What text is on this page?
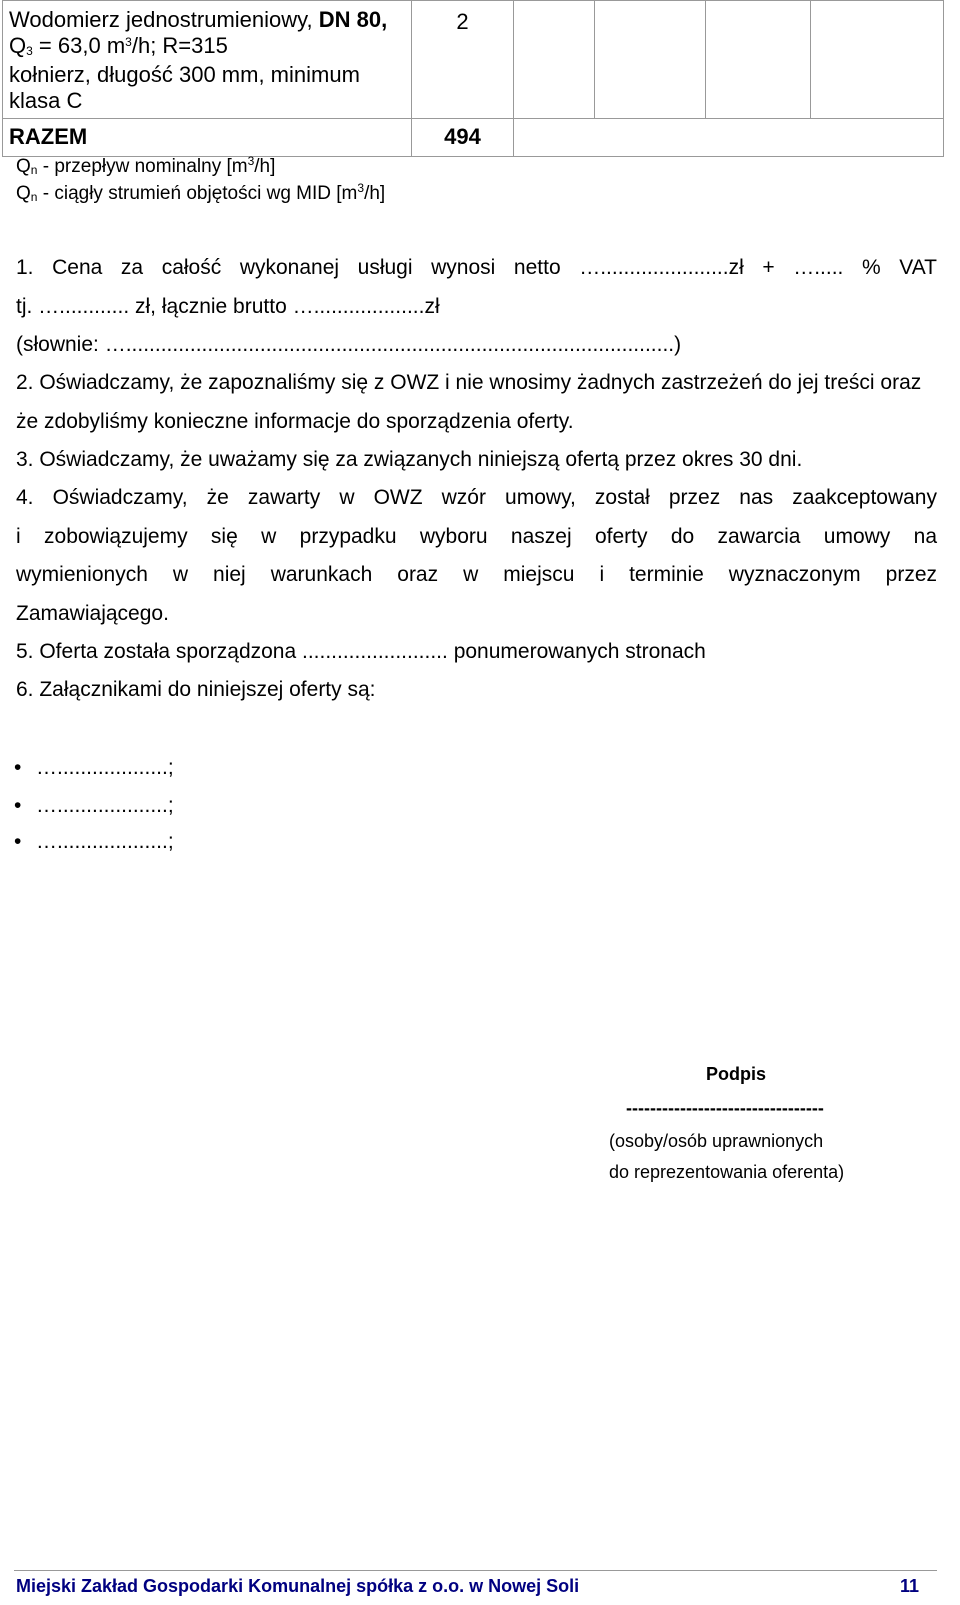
Wodomierz jednostrumieniowy, DN 80,
$Q_3 = 63,0$ $m^3/h$; R=315
kołnierz, długość 300 mm, minimum
klasa C	2				
RAZEM	494				
$Q_n$ - przepływ nominalny $[m^3/h]$
$Q_n$ - ciągły strumień objętości wg MID $[m^3/h]$
1. Cena za całość wykonanej usługi wynosi netto …......................zł + …..... % VAT
tj. …............ zł, łącznie brutto …...................zł
(słownie: …..............................................................................................)
2. Oświadczamy, że zapoznaliśmy się z OWZ i nie wnosimy żadnych zastrzeżeń do jej treści oraz że zdobyliśmy konieczne informacje do sporządzenia oferty.
3. Oświadczamy, że uważamy się za związanych niniejszą ofertą przez okres 30 dni.
4. Oświadczamy, że zawarty w OWZ wzór umowy, został przez nas zaakceptowany
i zobowiązujemy się w przypadku wyboru naszej oferty do zawarcia umowy na
wymienionych w niej warunkach oraz w miejscu i terminie wyznaczonym przez
Zamawiającego.
5. Oferta została sporządzona ......................... ponumerowanych stronach
6. Załącznikami do niniejszej oferty są:
• …...................;
• …...................;
• …...................;
Podpis
---------------------------------
(osoby/osób uprawnionych
do reprezentowania oferenta)
Miejski Zakład Gospodarki Komunalnej spółka z o.o. w Nowej Soli	11
